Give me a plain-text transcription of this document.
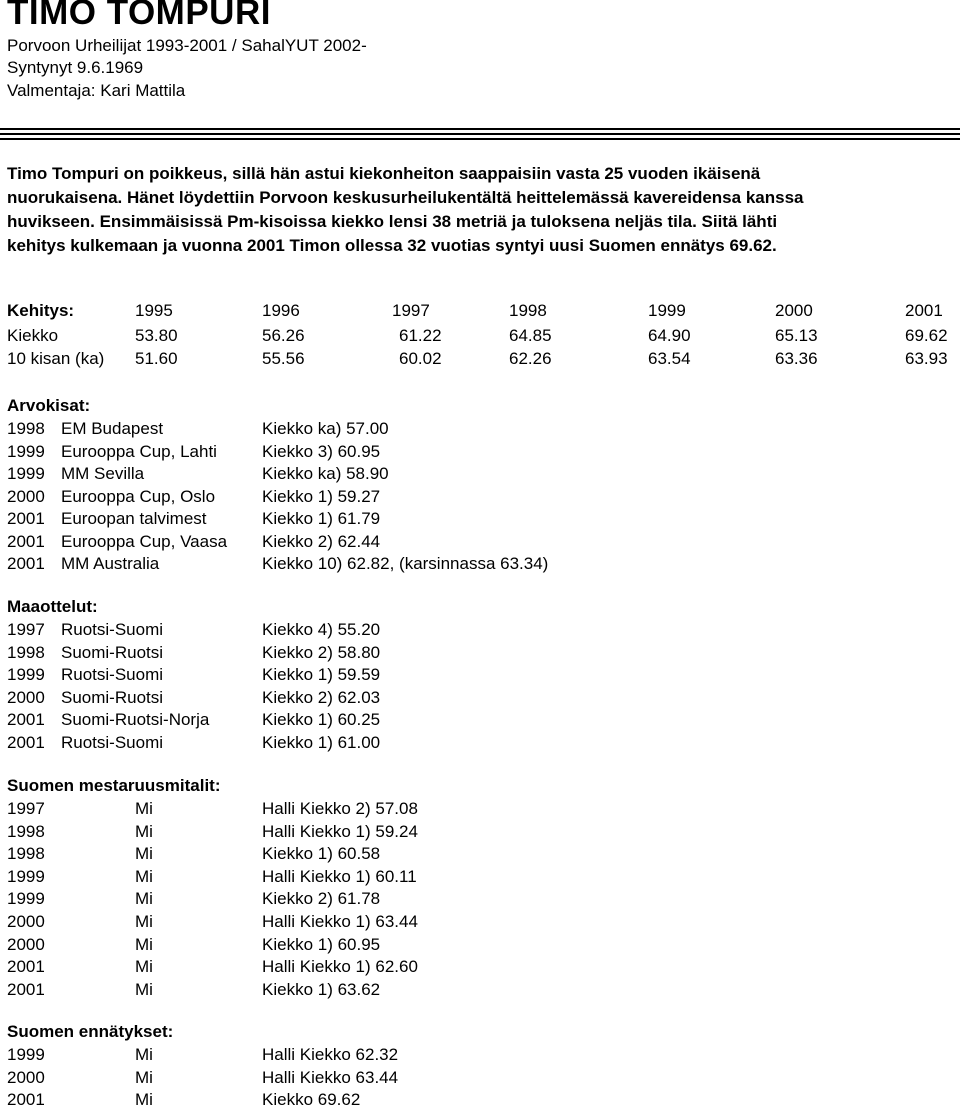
TIMO TOMPURI
Porvoon Urheilijat 1993-2001 / SahalYUT 2002-
Syntynyt 9.6.1969
Valmentaja: Kari Mattila
Timo Tompuri on poikkeus, sillä hän astui kiekonheiton saappaisiin vasta 25 vuoden ikäisenä
nuorukaisena. Hänet löydettiin Porvoon keskusurheilukentältä heittelemässä kavereidensa kanssa
huvikseen. Ensimmäisissä Pm-kisoissa kiekko lensi 38 metriä ja tuloksena neljäs tila. Siitä lähti
kehitys kulkemaan ja vuonna 2001 Timon ollessa 32 vuotias syntyi uusi Suomen ennätys 69.62.
Kehitys:	1995	1996	1997	1998	1999	2000	2001
Kiekko	53.80	56.26	61.22	64.85	64.90	65.13	69.62
10 kisan (ka) 51.60	55.56	60.02	62.26	63.54	63.36	63.93
Arvokisat:
1998 EM Budapest	Kiekko ka) 57.00
1999 Eurooppa Cup, Lahti	Kiekko 3) 60.95
1999 MM Sevilla	Kiekko ka) 58.90
2000 Eurooppa Cup, Oslo	Kiekko 1) 59.27
2001 Euroopan talvimest	Kiekko 1) 61.79
2001 Eurooppa Cup, Vaasa Kiekko 2) 62.44
2001 MM Australia	Kiekko 10) 62.82, (karsinnassa 63.34)
Maaottelut:
1997 Ruotsi-Suomi	Kiekko 4) 55.20
1998 Suomi-Ruotsi	Kiekko 2) 58.80
1999 Ruotsi-Suomi	Kiekko 1) 59.59
2000 Suomi-Ruotsi	Kiekko 2) 62.03
2001 Suomi-Ruotsi-Norja	Kiekko 1) 60.25
2001 Ruotsi-Suomi	Kiekko 1) 61.00
Suomen mestaruusmitalit:
1997	Mi	Halli Kiekko 2) 57.08
1998	Mi	Halli Kiekko 1) 59.24
1998	Mi	Kiekko 1) 60.58
1999	Mi	Halli Kiekko 1) 60.11
1999	Mi	Kiekko 2) 61.78
2000	Mi	Halli Kiekko 1) 63.44
2000	Mi	Kiekko 1) 60.95
2001	Mi	Halli Kiekko 1) 62.60
2001	Mi	Kiekko 1) 63.62
Suomen ennätykset:
1999	Mi	Halli Kiekko 62.32
2000	Mi	Halli Kiekko 63.44
2001	Mi	Kiekko 69.62
